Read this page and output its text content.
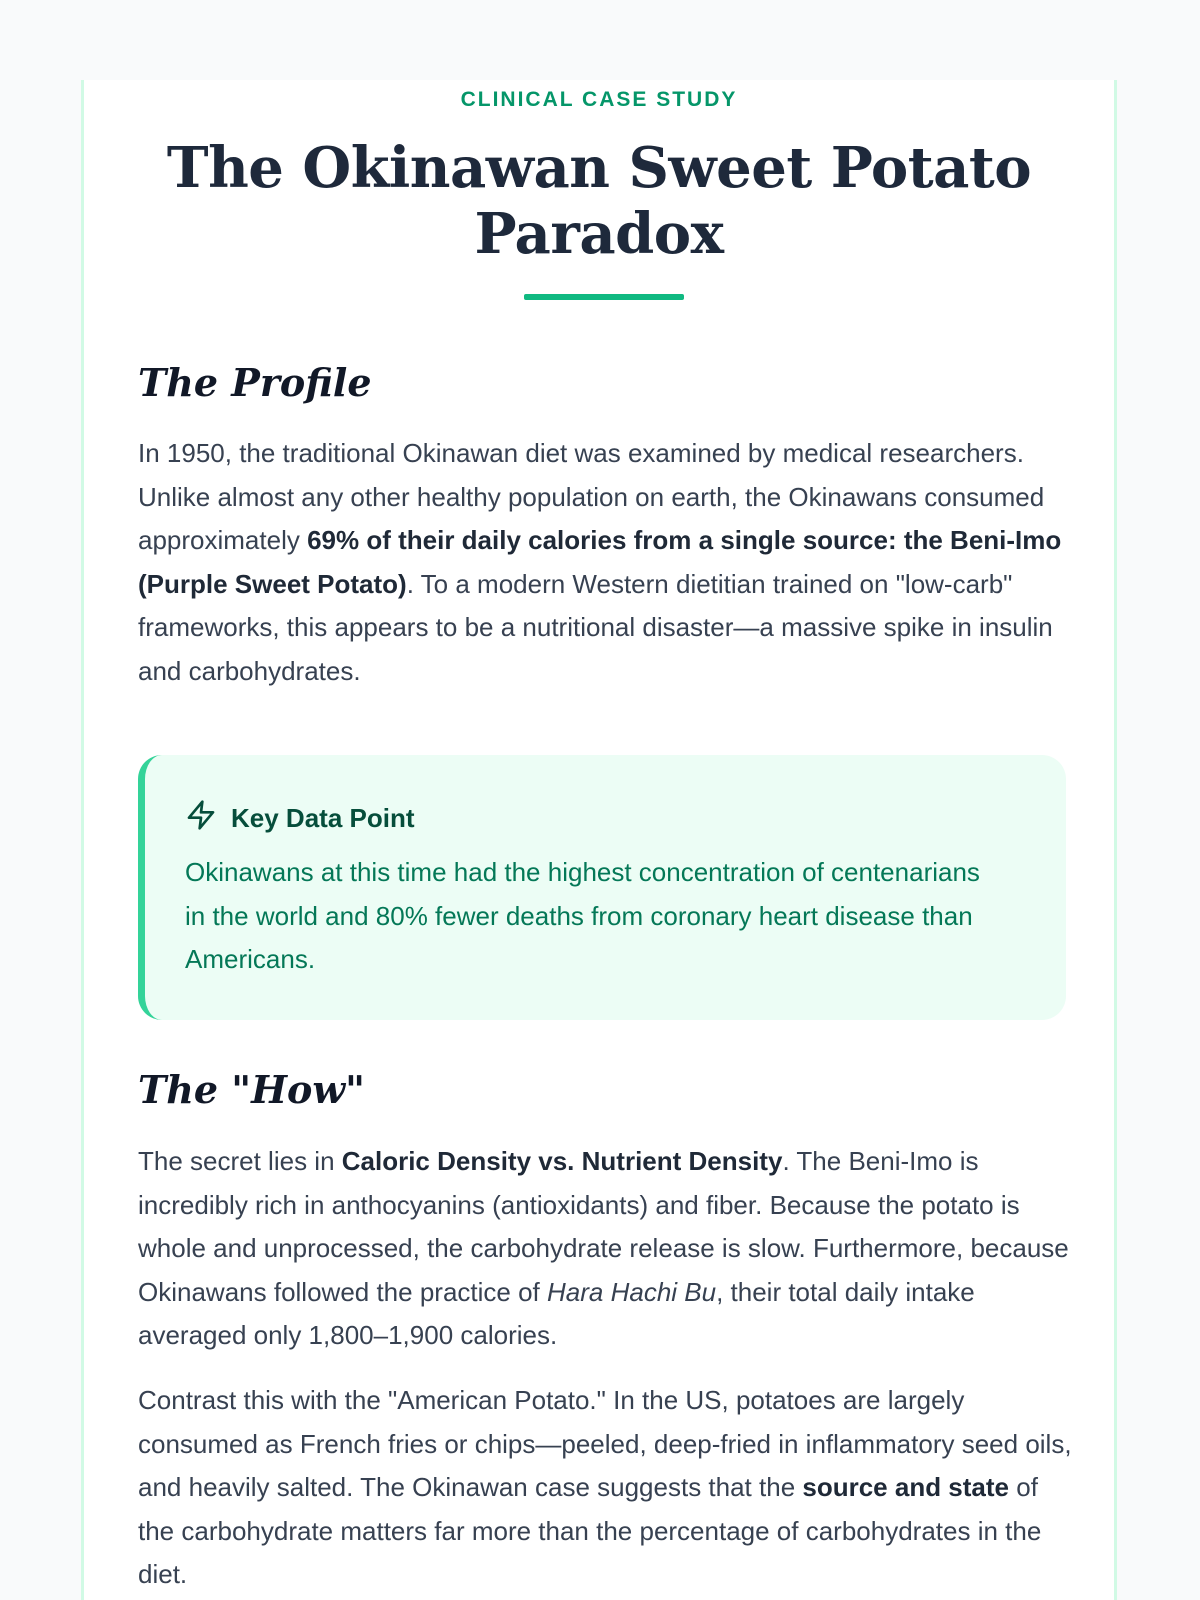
CLINICAL CASE STUDY
The Okinawan Sweet Potato Paradox
The Profile

In 1950, the traditional Okinawan diet was examined by medical researchers. Unlike almost any other healthy population on earth, the Okinawans consumed approximately 69% of their daily calories from a single source: the Beni-Imo (Purple Sweet Potato). To a modern Western dietitian trained on "low-carb" frameworks, this appears to be a nutritional disaster—a massive spike in insulin and carbohydrates.

Key Data Point

Okinawans at this time had the highest concentration of centenarians in the world and 80% fewer deaths from coronary heart disease than Americans.

The "How"

The secret lies in Caloric Density vs. Nutrient Density. The Beni-Imo is incredibly rich in anthocyanins (antioxidants) and fiber. Because the potato is whole and unprocessed, the carbohydrate release is slow. Furthermore, because Okinawans followed the practice of Hara Hachi Bu, their total daily intake averaged only 1,800–1,900 calories.

Contrast this with the "American Potato." In the US, potatoes are largely consumed as French fries or chips—peeled, deep-fried in inflammatory seed oils, and heavily salted. The Okinawan case suggests that the source and state of the carbohydrate matters far more than the percentage of carbohydrates in the diet.
